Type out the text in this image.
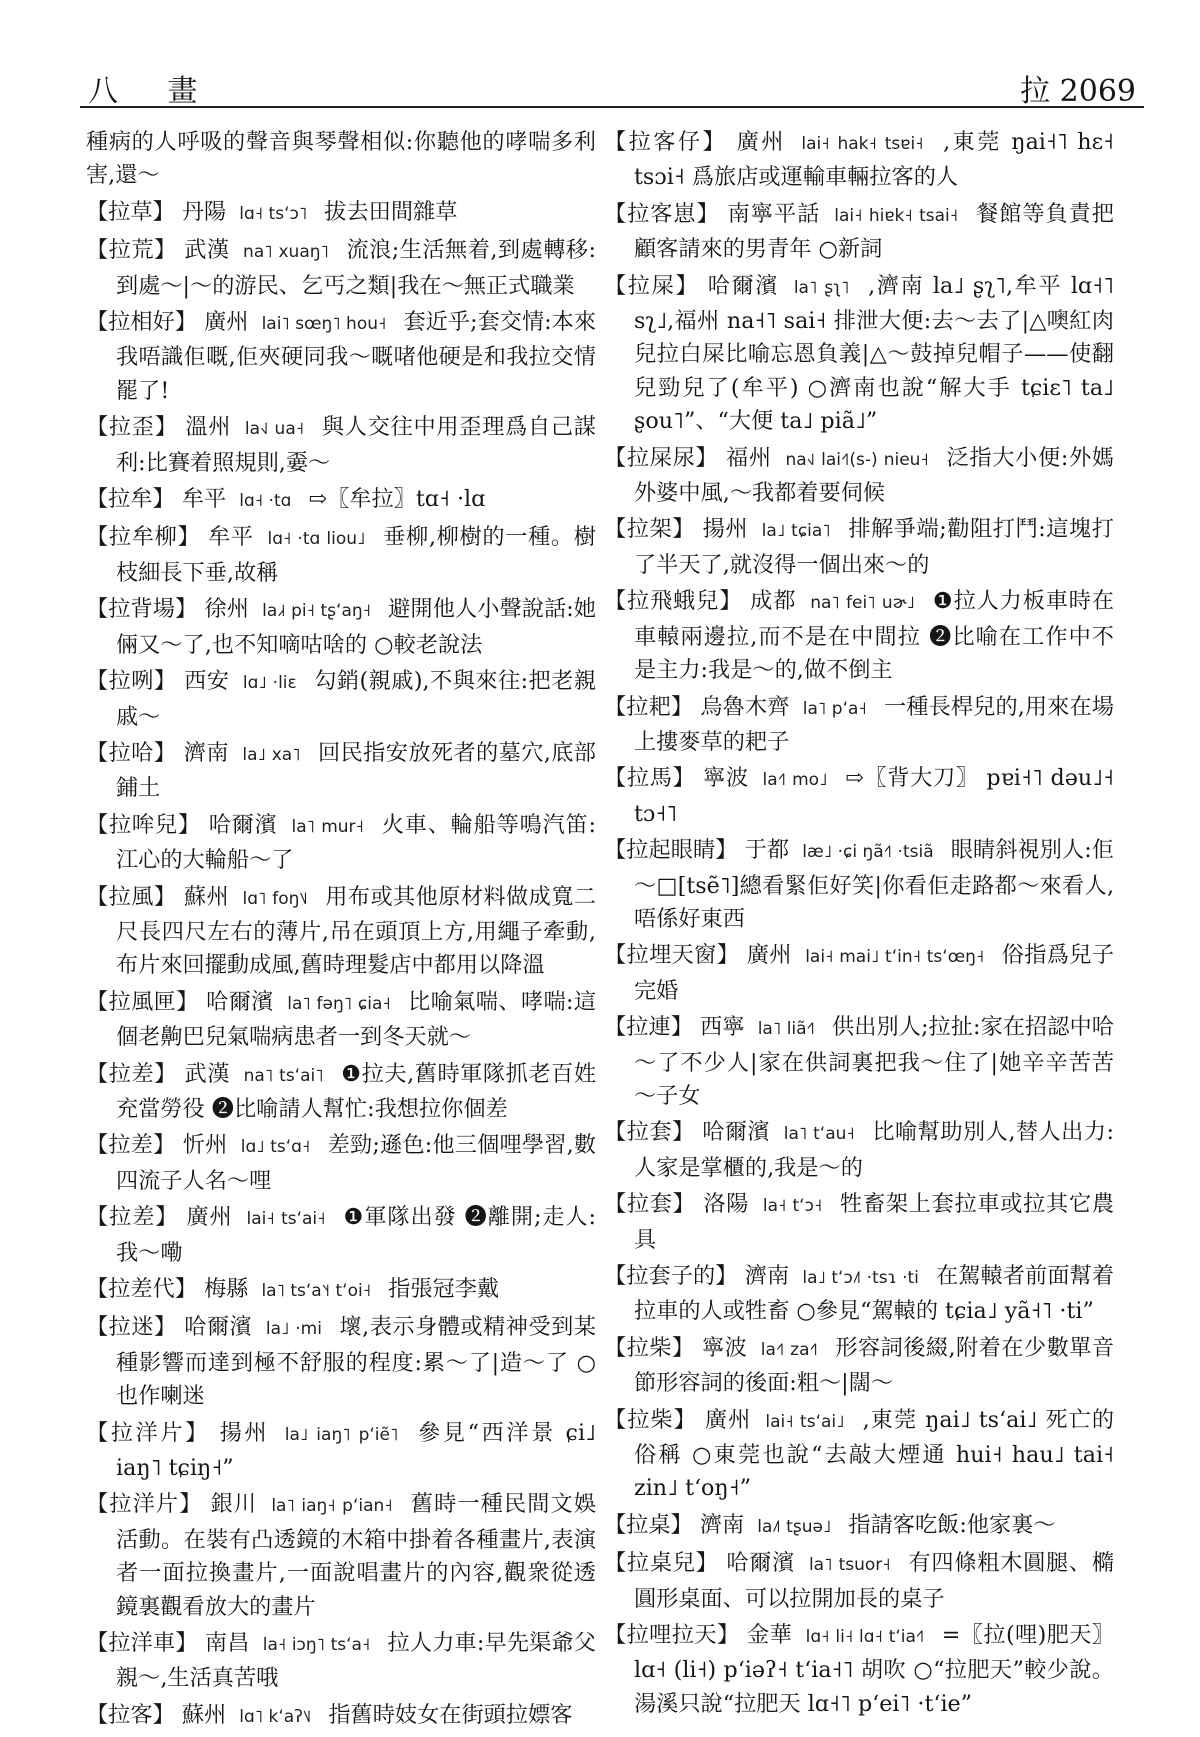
八 畫	拉 2069
種病的人呼吸的聲音與琴聲相似:你聽他的哮喘多利害,還～
【拉草】 丹陽 lɑ˧ tsʻɔ˥ 拔去田間雜草
【拉荒】 武漢 na˥ xuaŋ˥ 流浪;生活無着,到處轉移:到處～|～的游民、乞丐之類|我在～無正式職業
【拉相好】 廣州 lai˥ sœŋ˥ hou˧ 套近乎;套交情:本來我唔識佢嘅,佢夾硬同我～嘅啫他硬是和我拉交情罷了!
【拉歪】 溫州 la˧˩ ua˧ 與人交往中用歪理爲自己謀利:比賽着照規則,嫑～
【拉牟】 牟平 lɑ˧ ·tɑ ⇨〖牟拉〗tɑ˧ ·lɑ
【拉牟柳】 牟平 lɑ˧ ·tɑ liou˩ 垂柳,柳樹的一種。樹枝細長下垂,故稱
【拉背場】 徐州 la˩˧ pi˧ tʂʻaŋ˧ 避開他人小聲說話:她倆又～了,也不知嘀咕啥的 ○較老說法
【拉咧】 西安 lɑ˩ ·liɛ 勾銷(親戚),不與來往:把老親戚～
【拉哈】 濟南 la˩ xa˥ 回民指安放死者的墓穴,底部鋪土
【拉哞兒】 哈爾濱 la˥ mur˧ 火車、輪船等鳴汽笛:江心的大輪船～了
【拉風】 蘇州 lɑ˥ foŋ˥˩ 用布或其他原材料做成寬二尺長四尺左右的薄片,吊在頭頂上方,用繩子牽動,布片來回擺動成風,舊時理髮店中都用以降溫
【拉風匣】 哈爾濱 la˥ fəŋ˥ ɕia˧ 比喻氣喘、哮喘:這個老齁巴兒氣喘病患者一到冬天就～
【拉差】 武漢 na˥ tsʻai˥ ❶拉夫,舊時軍隊抓老百姓充當勞役 ❷比喻請人幫忙:我想拉你個差
【拉差】 忻州 lɑ˩ tsʻɑ˧ 差勁;遜色:他三個哩學習,數四流子人名～哩
【拉差】 廣州 lai˧ tsʻai˧ ❶軍隊出發 ❷離開;走人:我～嘞
【拉差代】 梅縣 la˥ tsʻa˥˧ tʻoi˧ 指張冠李戴
【拉迷】 哈爾濱 la˩ ·mi 壞,表示身體或精神受到某種影響而達到極不舒服的程度:累～了|造～了 ○也作喇迷
【拉洋片】 揚州 la˩ iaŋ˥ pʻiẽ˥ 參見“西洋景 ɕi˩ iaŋ˥ tɕiŋ˧”
【拉洋片】 銀川 la˥ iaŋ˧ pʻian˧ 舊時一種民間文娛活動。在裝有凸透鏡的木箱中掛着各種畫片,表演者一面拉換畫片,一面說唱畫片的內容,觀衆從透鏡裏觀看放大的畫片
【拉洋車】 南昌 la˧ iɔŋ˥ tsʻa˧ 拉人力車:早先渠爺父親～,生活真苦哦
【拉客】 蘇州 lɑ˥ kʻaʔ˥˩ 指舊時妓女在街頭拉嫖客
【拉客仔】 廣州 lai˧ hak˧ tsɐi˧ ,東莞 ŋai˧˥ hɛ˧ tsɔi˧ 爲旅店或運輸車輛拉客的人
【拉客崽】 南寧平話 lai˧ hiɐk˧ tsai˧ 餐館等負責把顧客請來的男青年 ○新詞
【拉屎】 哈爾濱 la˥ ʂʅ˥ ,濟南 la˩ ʂʅ˥,牟平 lɑ˧˥ sʅ˩,福州 na˧˥ sai˧ 排泄大便:去～去了|△噢紅肉兒拉白屎比喻忘恩負義|△～鼓掉兒帽子——使翻兒勁兒了(牟平) ○濟南也說“解大手 tɕiɛ˥ ta˩ ʂou˥”、“大便 ta˩ piã˩”
【拉屎尿】 福州 na˧˩ lai˧˥(s-) nieu˧ 泛指大小便:外媽外婆中風,～我都着要伺候
【拉架】 揚州 la˩ tɕia˥ 排解爭端;勸阻打鬥:這塊打了半天了,就沒得一個出來～的
【拉飛蛾兒】 成都 na˥ fei˥ uɚ˩ ❶拉人力板車時在車轅兩邊拉,而不是在中間拉 ❷比喻在工作中不是主力:我是～的,做不倒主
【拉耙】 烏魯木齊 la˥ pʻa˧ 一種長桿兒的,用來在場上摟麥草的耙子
【拉馬】 寧波 la˧˥ mo˩ ⇨〖背大刀〗 pɐi˧˥ dəu˩˧ tɔ˧˥
【拉起眼睛】 于都 læ˩ ·ɕi ŋã˧˥ ·tsiã 眼睛斜視別人:佢～□[tsẽ˥]總看緊佢好笑|你看佢走路都～來看人,唔係好東西
【拉埋天窗】 廣州 lai˧ mai˩ tʻin˧ tsʻœŋ˧ 俗指爲兒子完婚
【拉連】 西寧 la˥ liã˧˥ 供出別人;拉扯:家在招認中哈～了不少人|家在供詞裏把我～住了|她辛辛苦苦～子女
【拉套】 哈爾濱 la˥ tʻau˧ 比喻幫助別人,替人出力:人家是掌櫃的,我是～的
【拉套】 洛陽 la˧ tʻɔ˧ 牲畜架上套拉車或拉其它農具
【拉套子的】 濟南 la˩ tʻɔ˩˥ ·tsɿ ·ti 在駕轅者前面幫着拉車的人或牲畜 ○參見“駕轅的 tɕia˩ yã˧˥ ·ti”
【拉柴】 寧波 la˧˥ za˧˥ 形容詞後綴,附着在少數單音節形容詞的後面:粗～|闊～
【拉柴】 廣州 lai˧ tsʻai˩ ,東莞 ŋai˩ tsʻai˩ 死亡的俗稱 ○東莞也說“去敲大煙通 hui˧ hau˩ tai˧ zin˩ tʻoŋ˧”
【拉桌】 濟南 la˩˥ tʂuə˩ 指請客吃飯:他家裏～
【拉桌兒】 哈爾濱 la˥ tsuor˧ 有四條粗木圓腿、橢圓形桌面、可以拉開加長的桌子
【拉哩拉天】 金華 lɑ˧ li˧ lɑ˧ tʻia˧˥ =〖拉(哩)肥天〗lɑ˧ (li˧) pʻiəʔ˧ tʻia˧˥ 胡吹 ○“拉肥天”較少說。湯溪只說“拉肥天 lɑ˧˥ pʻei˥ ·tʻie”
